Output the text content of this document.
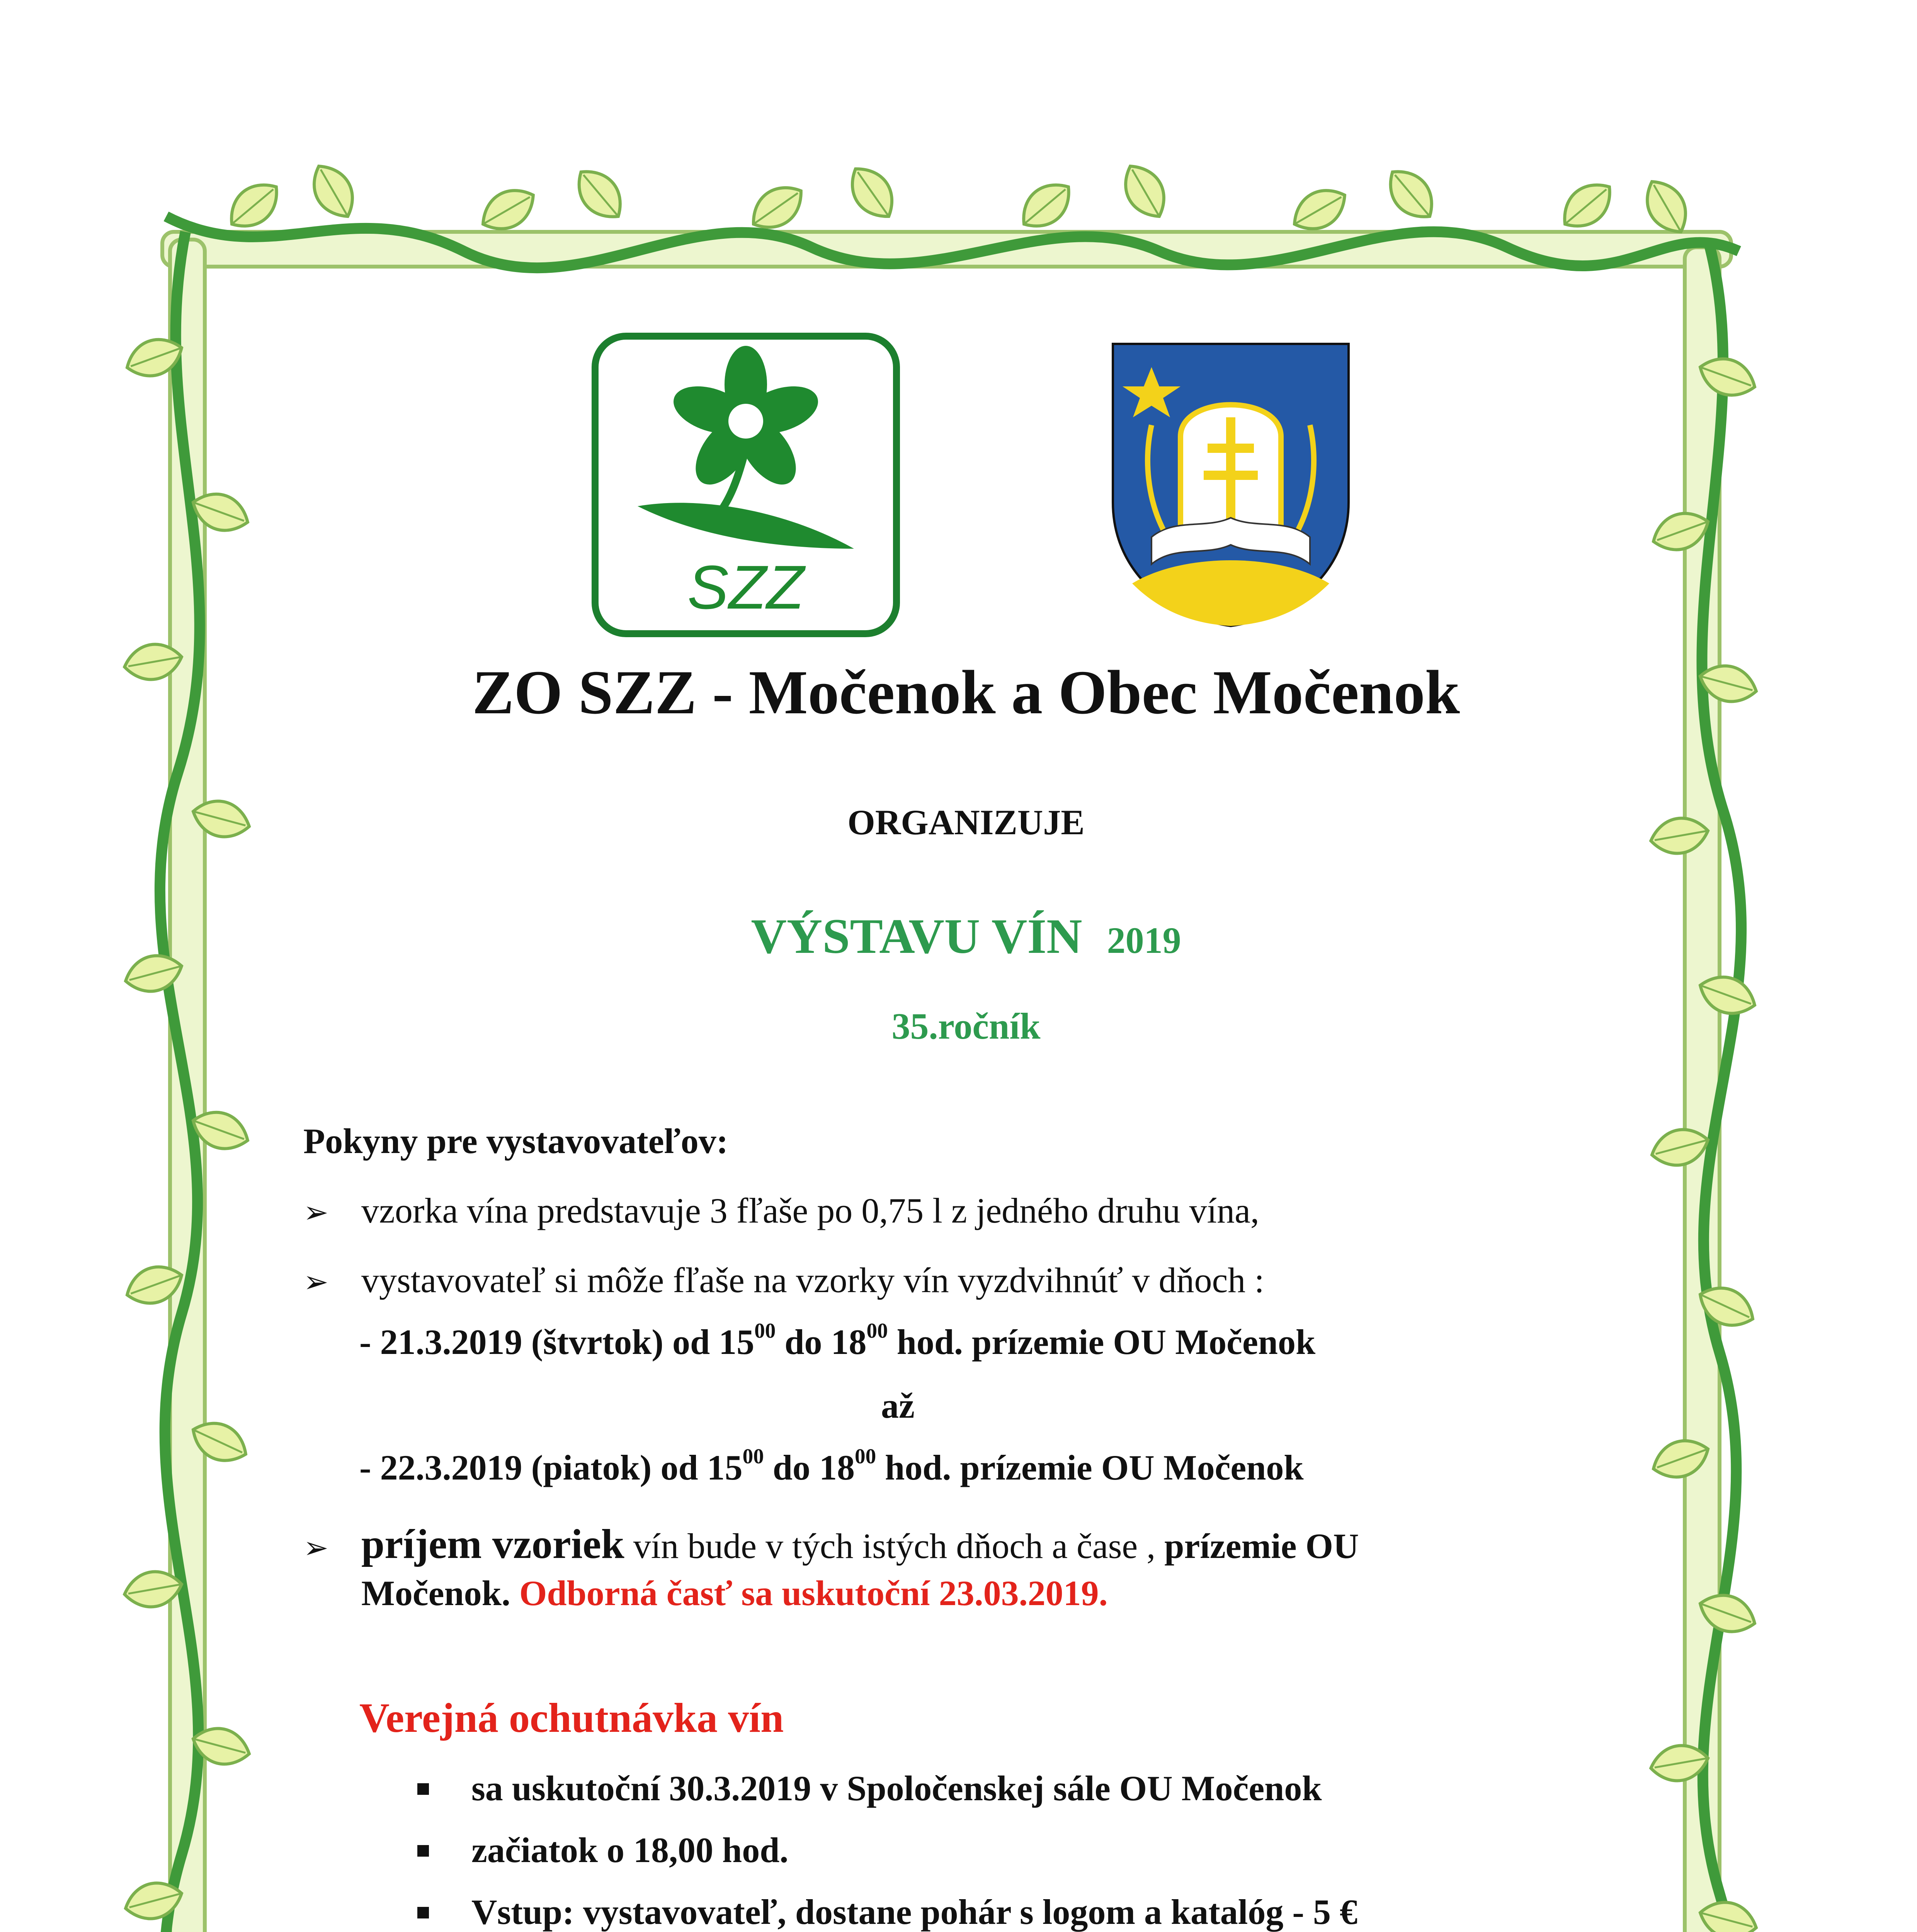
SZZ
ZO SZZ - Močenok a Obec Močenok
ORGANIZUJE
VÝSTAVU VÍN 2019
35.ročník
Pokyny pre vystavovateľov:
➢ vzorka vína predstavuje 3 fľaše po 0,75 l z jedného druhu vína,
➢ vystavovateľ si môže fľaše na vzorky vín vyzdvihnúť v dňoch :
- 21.3.2019 (štvrtok) od $15^{00}$ do $18^{00}$ hod. prízemie OU Močenok
až
- 22.3.2019 (piatok) od $15^{00}$ do $18^{00}$ hod. prízemie OU Močenok
➢ príjem vzoriek vín bude v tých istých dňoch a čase , prízemie OU
Močenok. Odborná časť sa uskutoční 23.03.2019.
Verejná ochutnávka vín
sa uskutoční 30.3.2019 v Spoločenskej sále OU Močenok
začiatok o 18,00 hod.
Vstup: vystavovateľ, dostane pohár s logom a katalóg - 5 €
